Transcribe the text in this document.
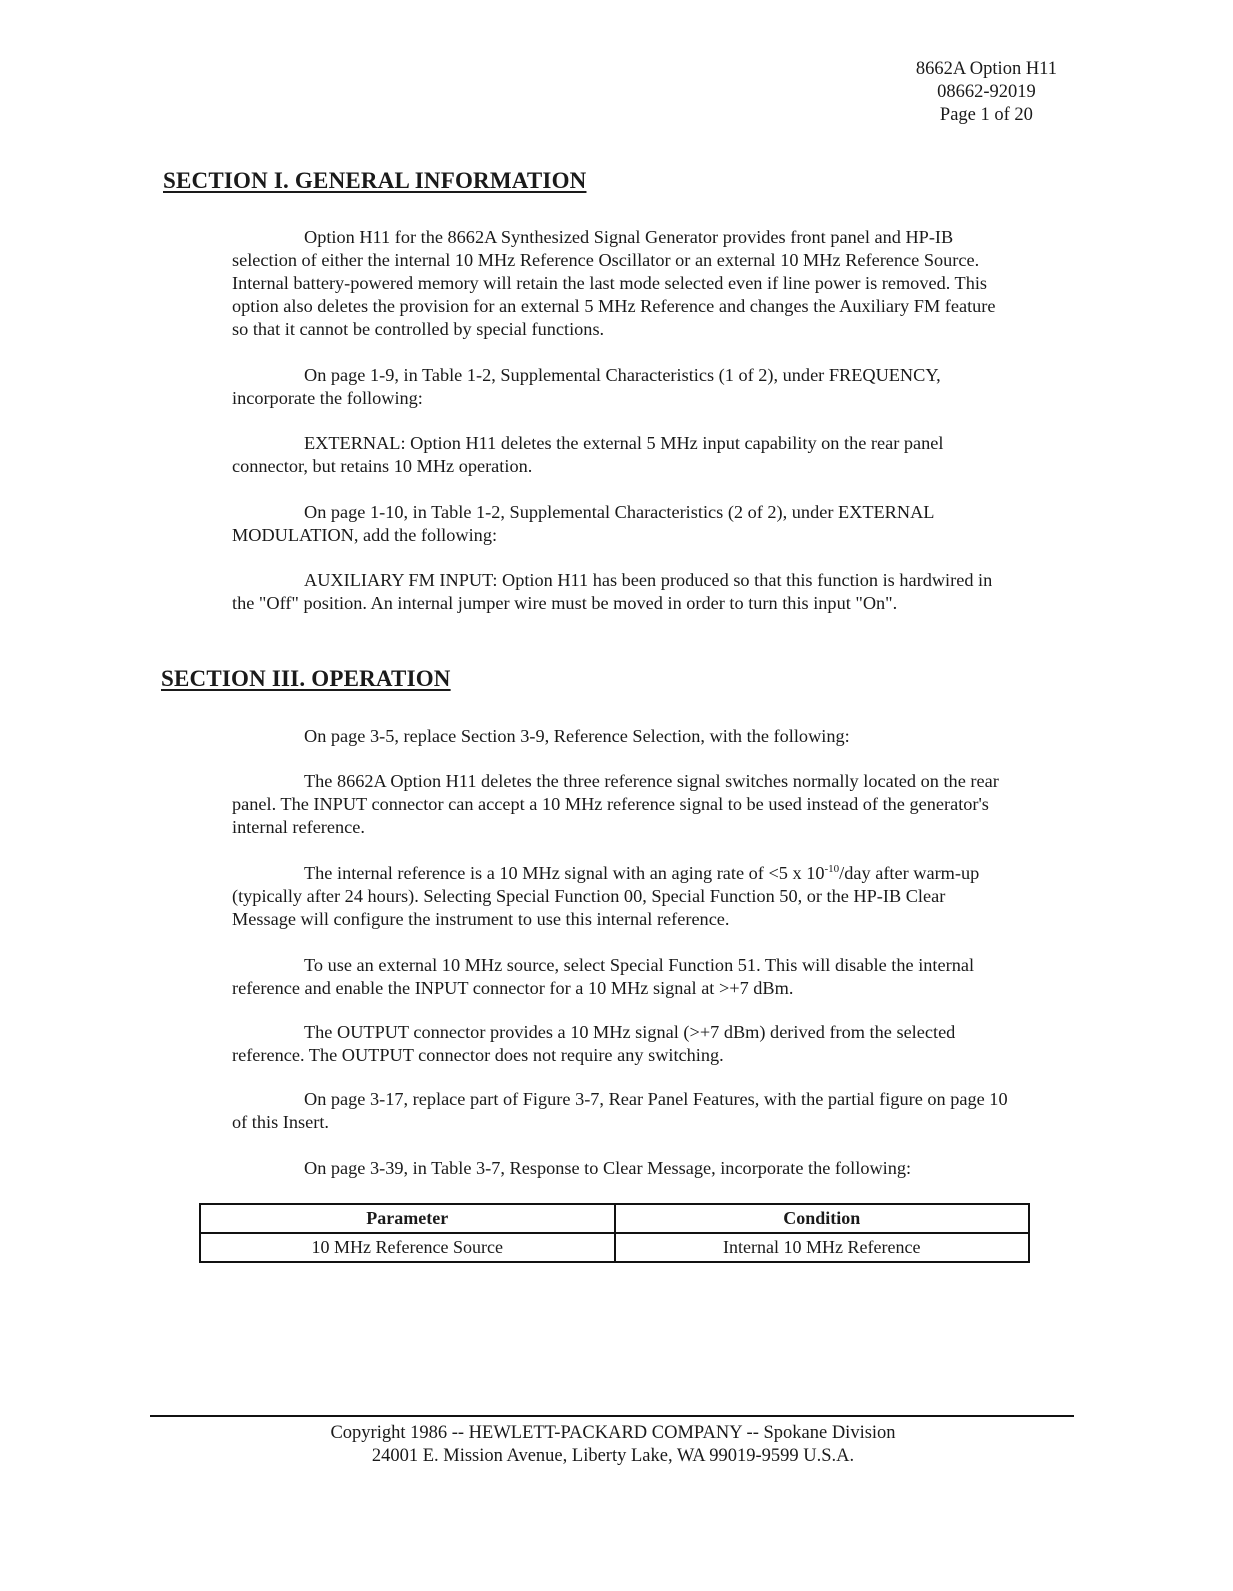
8662A Option H11
08662-92019
Page 1 of 20
SECTION I. GENERAL INFORMATION

Option H11 for the 8662A Synthesized Signal Generator provides front panel and HP-IB selection of either the internal 10 MHz Reference Oscillator or an external 10 MHz Reference Source. Internal battery-powered memory will retain the last mode selected even if line power is removed. This option also deletes the provision for an external 5 MHz Reference and changes the Auxiliary FM feature so that it cannot be controlled by special functions.

On page 1-9, in Table 1-2, Supplemental Characteristics (1 of 2), under FREQUENCY, incorporate the following:

EXTERNAL: Option H11 deletes the external 5 MHz input capability on the rear panel connector, but retains 10 MHz operation.

On page 1-10, in Table 1-2, Supplemental Characteristics (2 of 2), under EXTERNAL MODULATION, add the following:

AUXILIARY FM INPUT: Option H11 has been produced so that this function is hardwired in the "Off" position. An internal jumper wire must be moved in order to turn this input "On".

SECTION III. OPERATION

On page 3-5, replace Section 3-9, Reference Selection, with the following:

The 8662A Option H11 deletes the three reference signal switches normally located on the rear panel. The INPUT connector can accept a 10 MHz reference signal to be used instead of the generator's internal reference.

The internal reference is a 10 MHz signal with an aging rate of <5 x $10^{-10}$/day after warm-up (typically after 24 hours). Selecting Special Function 00, Special Function 50, or the HP-IB Clear Message will configure the instrument to use this internal reference.

To use an external 10 MHz source, select Special Function 51. This will disable the internal reference and enable the INPUT connector for a 10 MHz signal at >+7 dBm.

The OUTPUT connector provides a 10 MHz signal (>+7 dBm) derived from the selected reference. The OUTPUT connector does not require any switching.

On page 3-17, replace part of Figure 3-7, Rear Panel Features, with the partial figure on page 10 of this Insert.

On page 3-39, in Table 3-7, Response to Clear Message, incorporate the following:

Parameter	Condition
10 MHz Reference Source	Internal 10 MHz Reference
Copyright 1986 -- HEWLETT-PACKARD COMPANY -- Spokane Division
24001 E. Mission Avenue, Liberty Lake, WA 99019-9599 U.S.A.
